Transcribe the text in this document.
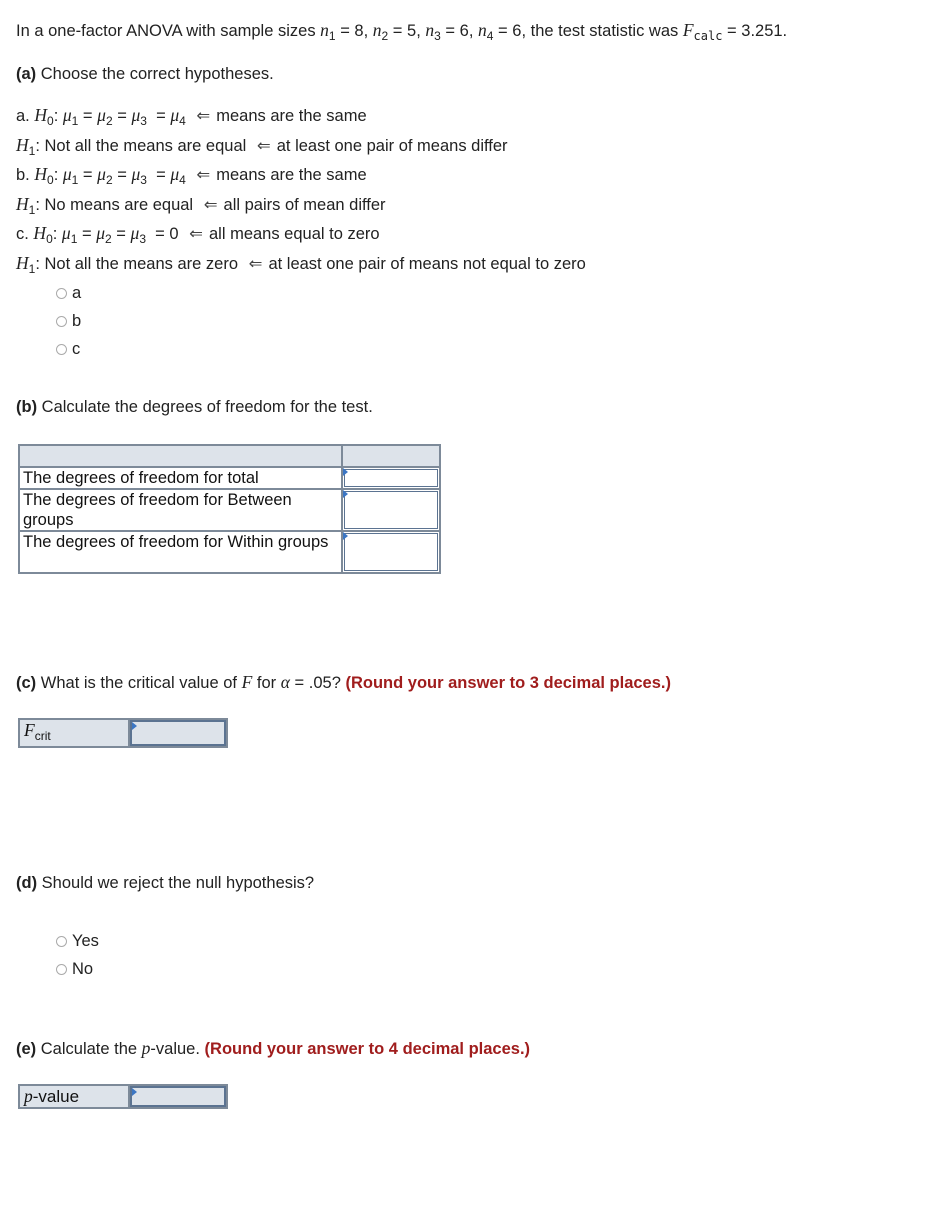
In a one-factor ANOVA with sample sizes $n_1 = 8$, $n_2 = 5$, $n_3 = 6$, $n_4 = 6$, the test statistic was $F_{calc} = 3.251$.
(a) Choose the correct hypotheses.
a. $H_0$: $\mu_1 = \mu_2 = \mu_3 = \mu_4$ ⇐ means are the same
$H_1$: Not all the means are equal ⇐ at least one pair of means differ
b. $H_0$: $\mu_1 = \mu_2 = \mu_3 = \mu_4$ ⇐ means are the same
$H_1$: No means are equal ⇐ all pairs of mean differ
c. $H_0$: $\mu_1 = \mu_2 = \mu_3 = 0$ ⇐ all means equal to zero
$H_1$: Not all the means are zero ⇐ at least one pair of means not equal to zero
a
b
c
(b) Calculate the degrees of freedom for the test.

The degrees of freedom for total	

The degrees of freedom for Between groups	

The degrees of freedom for Within groups	
(c) What is the critical value of F for α = .05? (Round your answer to 3 decimal places.)
$F_{crit}$
(d) Should we reject the null hypothesis?
Yes
No
(e) Calculate the p-value. (Round your answer to 4 decimal places.)
p-value
